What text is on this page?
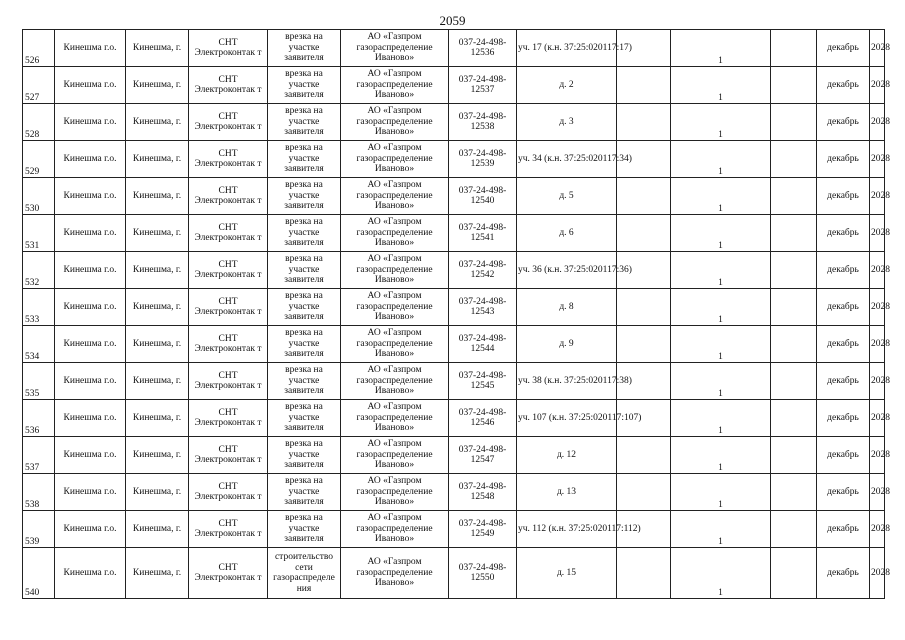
2059
526	Кинешма г.о.	Кинешма, г.	СНТ Электроконтак т	врезка на участке заявителя	АО «Газпром газораспределение Иваново»	037-24-498-12536	уч. 17 (к.н. 37:25:020117:17)		1		декабрь	2028
527	Кинешма г.о.	Кинешма, г.	СНТ Электроконтак т	врезка на участке заявителя	АО «Газпром газораспределение Иваново»	037-24-498-12537	д. 2		1		декабрь	2028
528	Кинешма г.о.	Кинешма, г.	СНТ Электроконтак т	врезка на участке заявителя	АО «Газпром газораспределение Иваново»	037-24-498-12538	д. 3		1		декабрь	2028
529	Кинешма г.о.	Кинешма, г.	СНТ Электроконтак т	врезка на участке заявителя	АО «Газпром газораспределение Иваново»	037-24-498-12539	уч. 34 (к.н. 37:25:020117:34)		1		декабрь	2028
530	Кинешма г.о.	Кинешма, г.	СНТ Электроконтак т	врезка на участке заявителя	АО «Газпром газораспределение Иваново»	037-24-498-12540	д. 5		1		декабрь	2028
531	Кинешма г.о.	Кинешма, г.	СНТ Электроконтак т	врезка на участке заявителя	АО «Газпром газораспределение Иваново»	037-24-498-12541	д. 6		1		декабрь	2028
532	Кинешма г.о.	Кинешма, г.	СНТ Электроконтак т	врезка на участке заявителя	АО «Газпром газораспределение Иваново»	037-24-498-12542	уч. 36 (к.н. 37:25:020117:36)		1		декабрь	2028
533	Кинешма г.о.	Кинешма, г.	СНТ Электроконтак т	врезка на участке заявителя	АО «Газпром газораспределение Иваново»	037-24-498-12543	д. 8		1		декабрь	2028
534	Кинешма г.о.	Кинешма, г.	СНТ Электроконтак т	врезка на участке заявителя	АО «Газпром газораспределение Иваново»	037-24-498-12544	д. 9		1		декабрь	2028
535	Кинешма г.о.	Кинешма, г.	СНТ Электроконтак т	врезка на участке заявителя	АО «Газпром газораспределение Иваново»	037-24-498-12545	уч. 38 (к.н. 37:25:020117:38)		1		декабрь	2028
536	Кинешма г.о.	Кинешма, г.	СНТ Электроконтак т	врезка на участке заявителя	АО «Газпром газораспределение Иваново»	037-24-498-12546	уч. 107 (к.н. 37:25:020117:107)		1		декабрь	2028
537	Кинешма г.о.	Кинешма, г.	СНТ Электроконтак т	врезка на участке заявителя	АО «Газпром газораспределение Иваново»	037-24-498-12547	д. 12		1		декабрь	2028
538	Кинешма г.о.	Кинешма, г.	СНТ Электроконтак т	врезка на участке заявителя	АО «Газпром газораспределение Иваново»	037-24-498-12548	д. 13		1		декабрь	2028
539	Кинешма г.о.	Кинешма, г.	СНТ Электроконтак т	врезка на участке заявителя	АО «Газпром газораспределение Иваново»	037-24-498-12549	уч. 112 (к.н. 37:25:020117:112)		1		декабрь	2028
540	Кинешма г.о.	Кинешма, г.	СНТ Электроконтак т	строительство сети газораспределе ния	АО «Газпром газораспределение Иваново»	037-24-498-12550	д. 15		1		декабрь	2028
